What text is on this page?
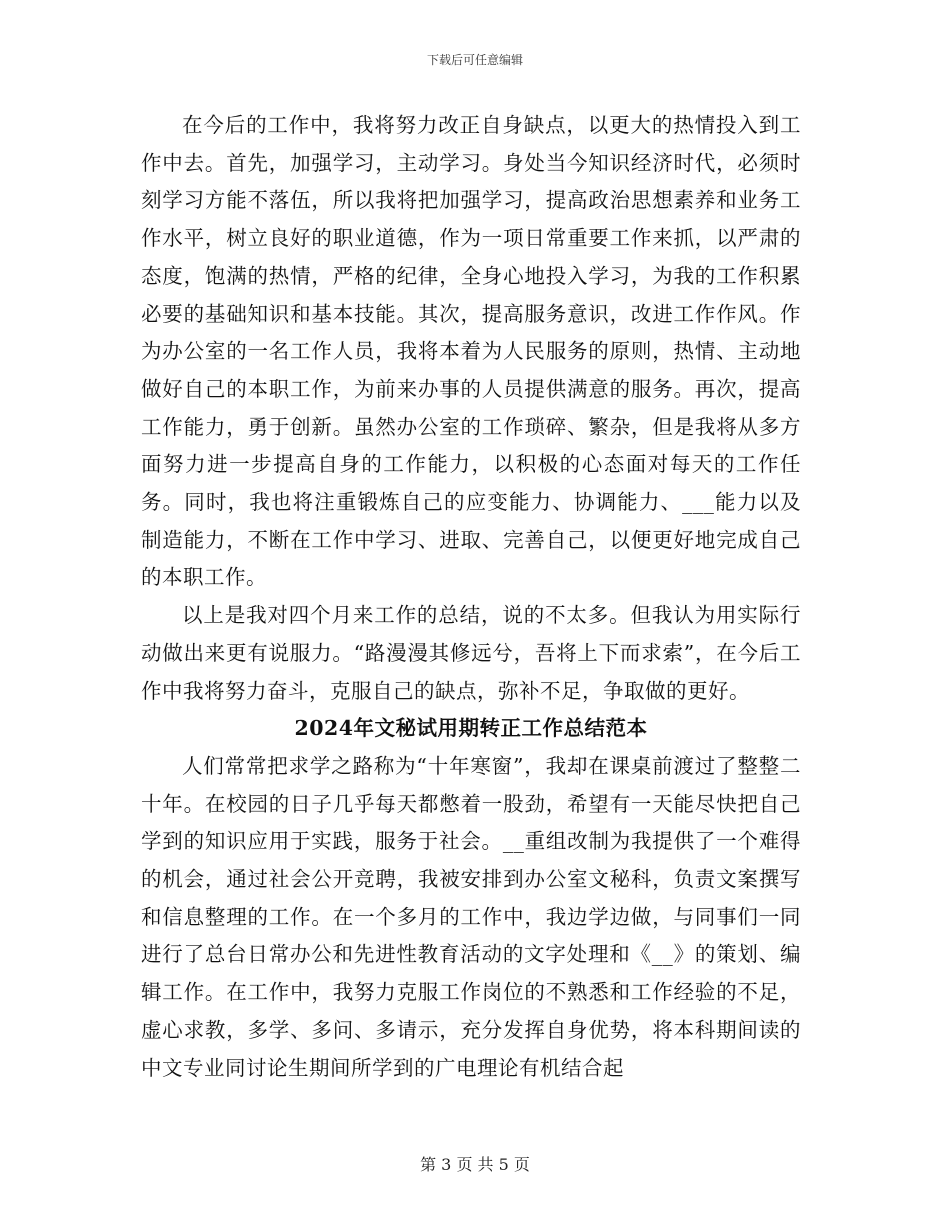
下载后可任意编辑

在今后的工作中，我将努力改正自身缺点，以更大的热情投入到工作中去。首先，加强学习，主动学习。身处当今知识经济时代，必须时刻学习方能不落伍，所以我将把加强学习，提高政治思想素养和业务工作水平，树立良好的职业道德，作为一项日常重要工作来抓，以严肃的态度，饱满的热情，严格的纪律，全身心地投入学习，为我的工作积累必要的基础知识和基本技能。其次，提高服务意识，改进工作作风。作为办公室的一名工作人员，我将本着为人民服务的原则，热情、主动地做好自己的本职工作，为前来办事的人员提供满意的服务。再次，提高工作能力，勇于创新。虽然办公室的工作琐碎、繁杂，但是我将从多方面努力进一步提高自身的工作能力，以积极的心态面对每天的工作任务。同时，我也将注重锻炼自己的应变能力、协调能力、___能力以及制造能力，不断在工作中学习、进取、完善自己，以便更好地完成自己的本职工作。

以上是我对四个月来工作的总结，说的不太多。但我认为用实际行动做出来更有说服力。“路漫漫其修远兮，吾将上下而求索”，在今后工作中我将努力奋斗，克服自己的缺点，弥补不足，争取做的更好。

2024年文秘试用期转正工作总结范本

人们常常把求学之路称为“十年寒窗”，我却在课桌前渡过了整整二十年。在校园的日子几乎每天都憋着一股劲，希望有一天能尽快把自己学到的知识应用于实践，服务于社会。__重组改制为我提供了一个难得的机会，通过社会公开竞聘，我被安排到办公室文秘科，负责文案撰写和信息整理的工作。在一个多月的工作中，我边学边做，与同事们一同进行了总台日常办公和先进性教育活动的文字处理和《__》的策划、编辑工作。在工作中，我努力克服工作岗位的不熟悉和工作经验的不足，虚心求教，多学、多问、多请示，充分发挥自身优势，将本科期间读的中文专业同讨论生期间所学到的广电理论有机结合起

第 3 页 共 5 页
